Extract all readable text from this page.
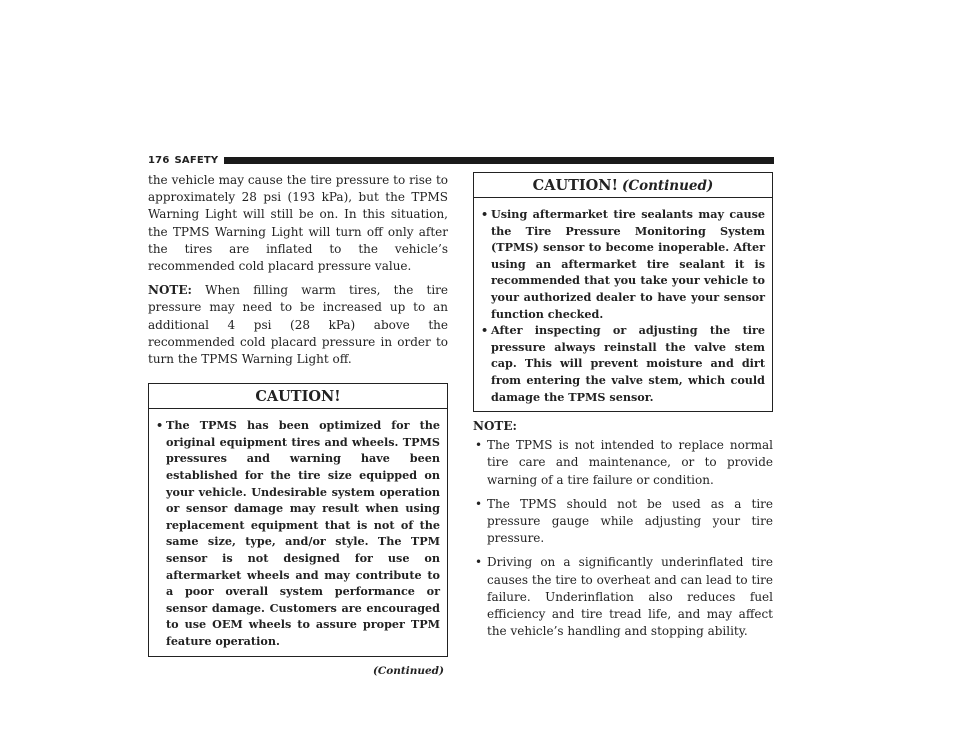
176 SAFETY

the vehicle may cause the tire pressure to rise to approximately 28 psi (193 kPa), but the TPMS Warning Light will still be on. In this situation, the TPMS Warning Light will turn off only after the tires are inflated to the vehicle’s recommended cold placard pressure value.

NOTE: When filling warm tires, the tire pressure may need to be increased up to an additional 4 psi (28 kPa) above the recommended cold placard pressure in order to turn the TPMS Warning Light off.

CAUTION!
• The TPMS has been optimized for the original equipment tires and wheels. TPMS pressures and warning have been established for the tire size equipped on your vehicle. Undesirable system operation or sensor damage may result when using replacement equipment that is not of the same size, type, and/or style. The TPM sensor is not designed for use on aftermarket wheels and may contribute to a poor overall system performance or sensor damage. Customers are encouraged to use OEM wheels to assure proper TPM feature operation.
(Continued)
CAUTION! (Continued)
• Using aftermarket tire sealants may cause the Tire Pressure Monitoring System (TPMS) sensor to become inoperable. After using an aftermarket tire sealant it is recommended that you take your vehicle to your authorized dealer to have your sensor function checked.
• After inspecting or adjusting the tire pressure always reinstall the valve stem cap. This will prevent moisture and dirt from entering the valve stem, which could damage the TPMS sensor.
NOTE:
• The TPMS is not intended to replace normal tire care and maintenance, or to provide warning of a tire failure or condition.
• The TPMS should not be used as a tire pressure gauge while adjusting your tire pressure.
• Driving on a significantly underinflated tire causes the tire to overheat and can lead to tire failure. Underinflation also reduces fuel efficiency and tire tread life, and may affect the vehicle’s handling and stopping ability.
